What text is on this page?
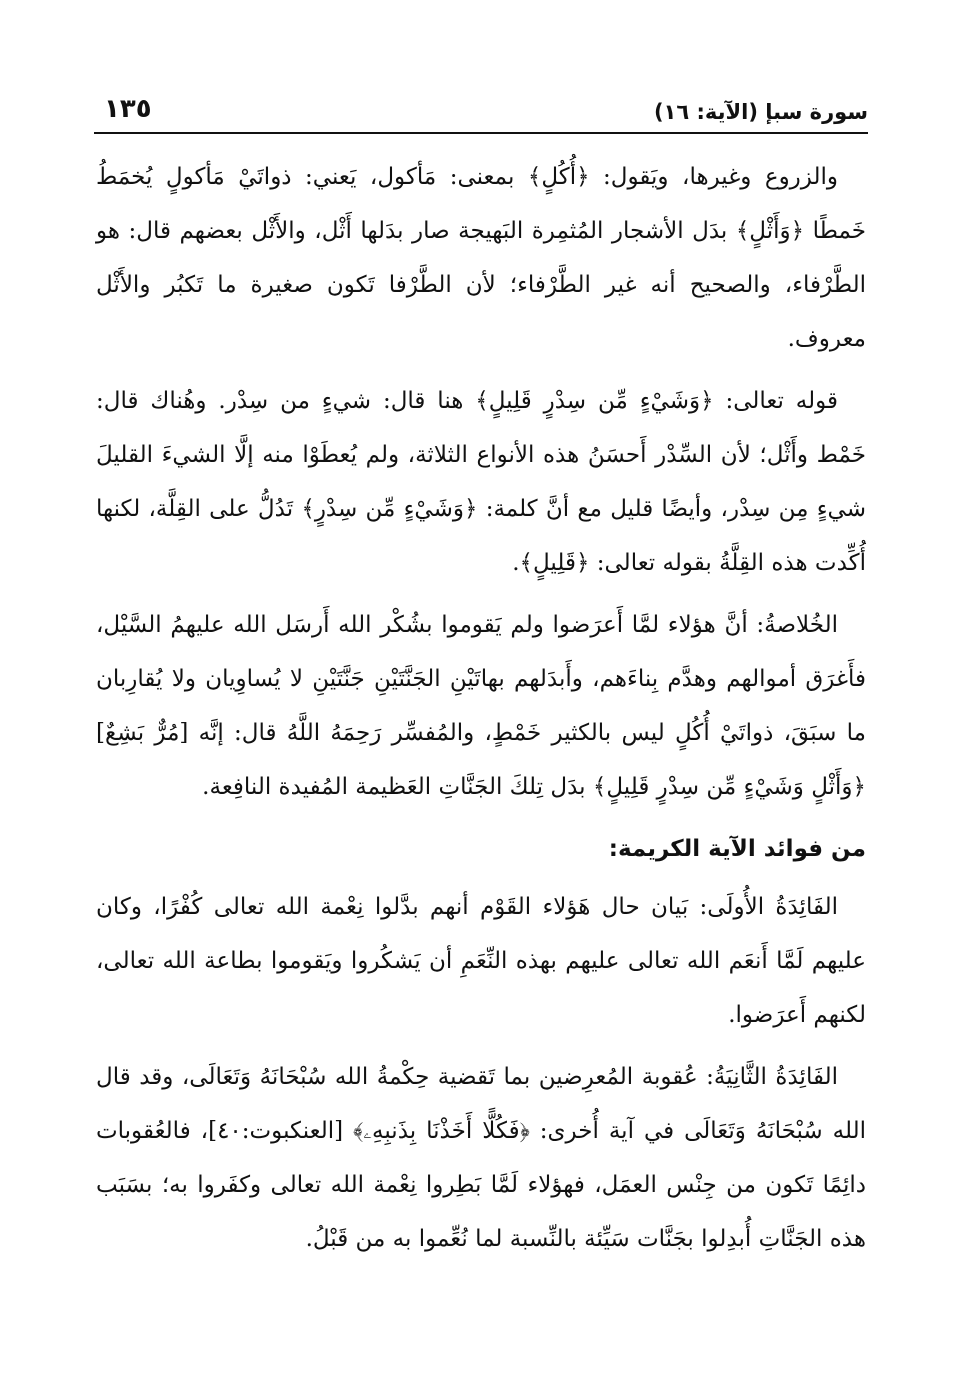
١٣٥	سورة سبإ (الآية: ١٦)

والزروع وغيرها، ويَقول: ﴿أُكُلٍ﴾ بمعنى: مَأكول، يَعني: ذواتَيْ مَأكولٍ يُخمَطُ خَمطًا ﴿وَأَثْلٍ﴾ بدَل الأشجار المُثمِرة البَهيجة صار بدَلها أَثْل، والأَثْل بعضهم قال: هو الطَّرْفاء، والصحيح أنه غير الطَّرْفاء؛ لأن الطَّرْفا تَكون صغيرة ما تَكبُر والأَثْل معروف.

قوله تعالى: ﴿وَشَيْءٍ مِّن سِدْرٍ قَلِيلٍ﴾ هنا قال: شيءٍ من سِدْر. وهُناك قال: خَمْط وأَثْل؛ لأن السِّدْر أَحسَنُ هذه الأنواع الثلاثة، ولم يُعطَوْا منه إلَّا الشيءَ القليلَ شيءٍ مِن سِدْر، وأيضًا قليل مع أنَّ كلمة: ﴿وَشَيْءٍ مِّن سِدْرٍ﴾ تَدُلُّ على القِلَّة، لكنها أُكِّدت هذه القِلَّةُ بقوله تعالى: ﴿قَلِيلٍ﴾.

الخُلاصةُ: أنَّ هؤلاء لمَّا أَعرَضوا ولم يَقوموا بشُكْر الله أَرسَل الله عليهمُ السَّيْل، فأَغرَق أموالهم وهدَّم بِناءَهم، وأَبدَلهم بهاتَيْنِ الجَنَّتَيْنِ جَنَّتَيْنِ لا يُساوِيان ولا يُقارِبان ما سبَقَ، ذواتَيْ أُكُلٍ ليس بالكثير خَمْطٍ، والمُفسِّر رَحِمَهُ اللَّهُ قال: إنَّه [مُرٌّ بَشِعٌ] ﴿وَأَثْلٍ وَشَيْءٍ مِّن سِدْرٍ قَلِيلٍ﴾ بدَل تِلكَ الجَنَّاتِ العَظيمة المُفيدة النافِعة.

من فوائد الآية الكريمة:

الفَائِدَةُ الأُولَى: بَيان حال هَؤلاء القَوْم أنهم بدَّلوا نِعْمة الله تعالى كُفْرًا، وكان عليهم لَمَّا أَنعَم الله تعالى عليهم بهذه النِّعَمِ أن يَشكُروا ويَقوموا بطاعة الله تعالى، لكنهم أَعرَضوا.

الفَائِدَةُ الثَّانِيَةُ: عُقوبة المُعرِضين بما تَقضية حِكْمةُ الله سُبْحَانَهُ وَتَعَالَى، وقد قال الله سُبْحَانَهُ وَتَعَالَى في آية أُخرى: ﴿فَكُلًّا أَخَذْنَا بِذَنبِهِۦ﴾ [العنكبوت:٤٠]، فالعُقوبات دائِمًا تَكون من جِنْس العمَل، فهؤلاء لَمَّا بَطِروا نِعْمة الله تعالى وكفَروا به؛ بسَبَب هذه الجَنَّاتِ أُبدِلوا بجَنَّات سَيِّئة بالنِّسبة لما نُعِّموا به من قَبْلُ.
